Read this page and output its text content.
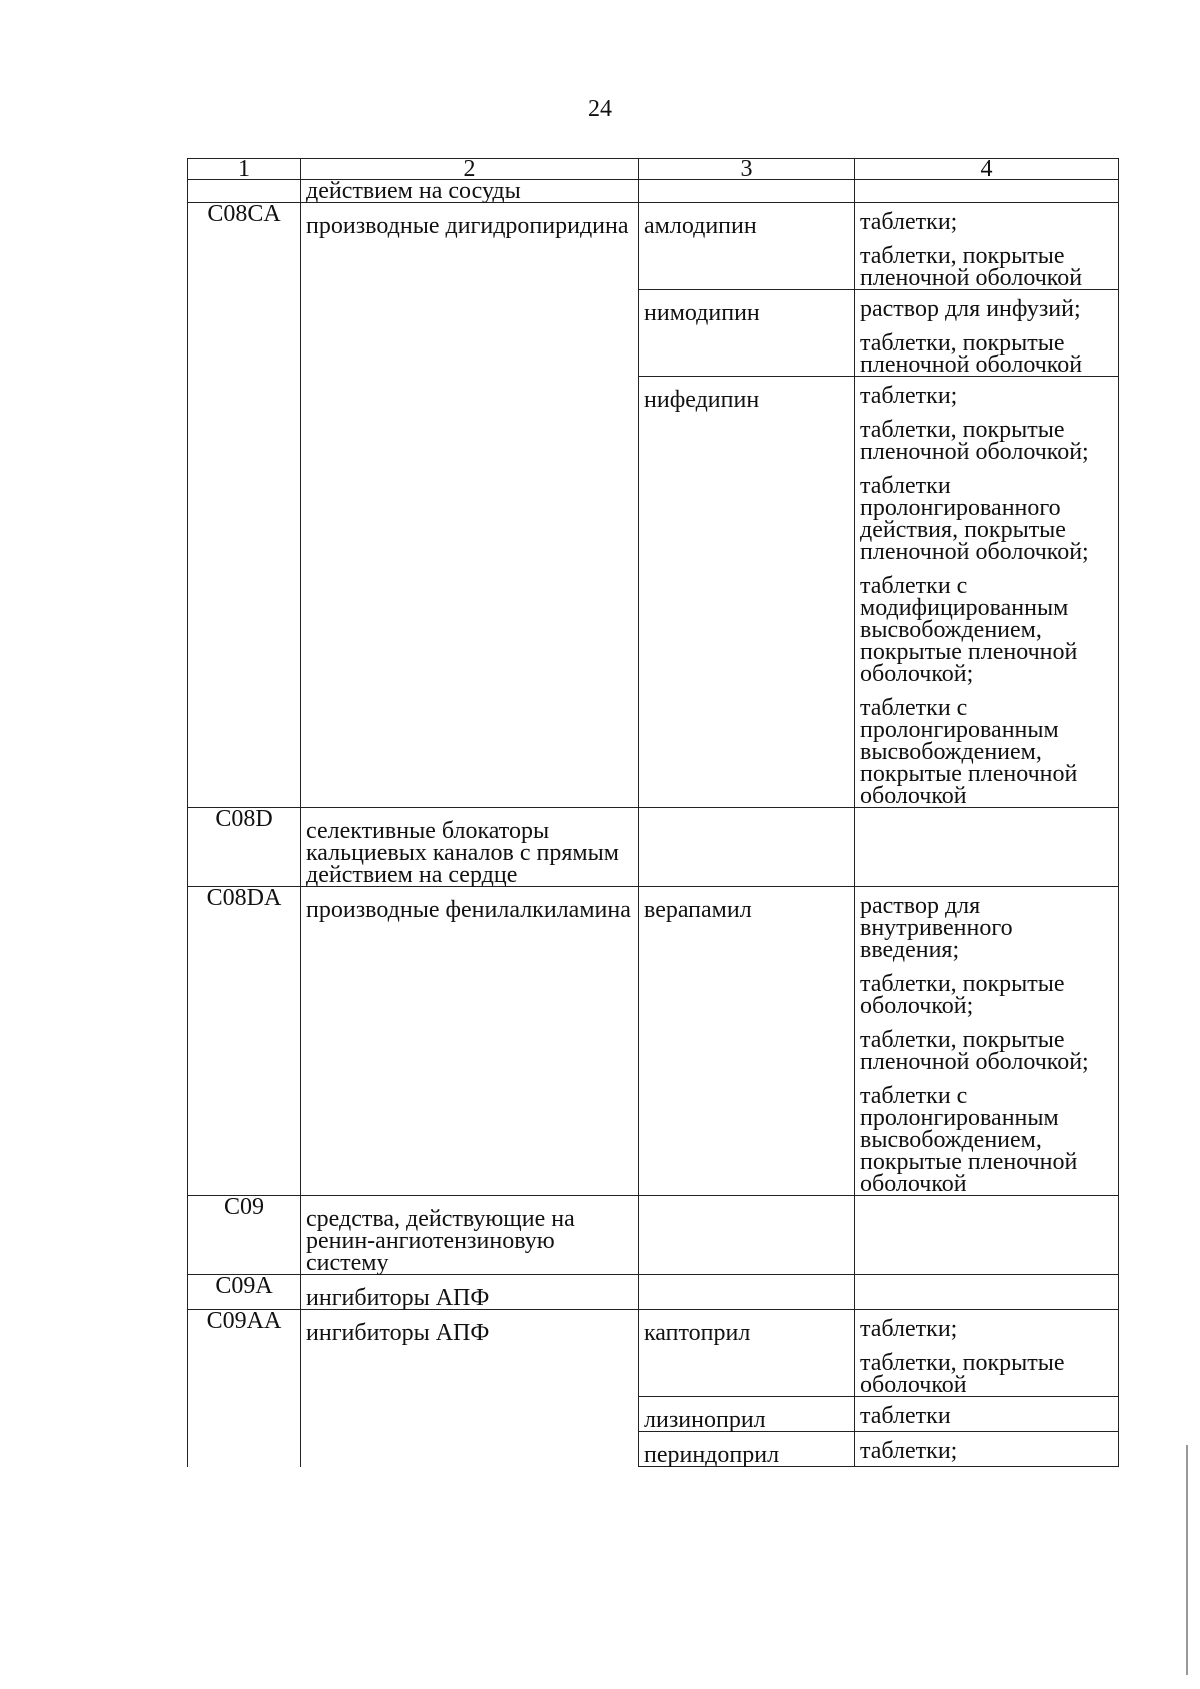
24
1	2	3	4
	действием на сосуды		
C08CA	производные дигидропиридина	амлодипин	таблетки;
таблетки, покрытые пленочной оболочкой

		нимодипин	раствор для инфузий;
таблетки, покрытые пленочной оболочкой

		нифедипин	таблетки;
таблетки, покрытые пленочной оболочкой;
таблетки пролонгированного действия, покрытые пленочной оболочкой;
таблетки с модифицированным высвобождением, покрытые пленочной оболочкой;
таблетки с пролонгированным высвобождением, покрытые пленочной оболочкой

C08D	селективные блокаторы кальциевых каналов с прямым действием на сердце		
C08DA	производные фенилалкиламина	верапамил	раствор для внутривенного введения;
таблетки, покрытые оболочкой;
таблетки, покрытые пленочной оболочкой;
таблетки с пролонгированным высвобождением, покрытые пленочной оболочкой

C09	средства, действующие на ренин-ангиотензиновую систему		
C09A	ингибиторы АПФ		
C09AA	ингибиторы АПФ	каптоприл	таблетки;
таблетки, покрытые оболочкой

		лизиноприл	таблетки

		периндоприл	таблетки;
